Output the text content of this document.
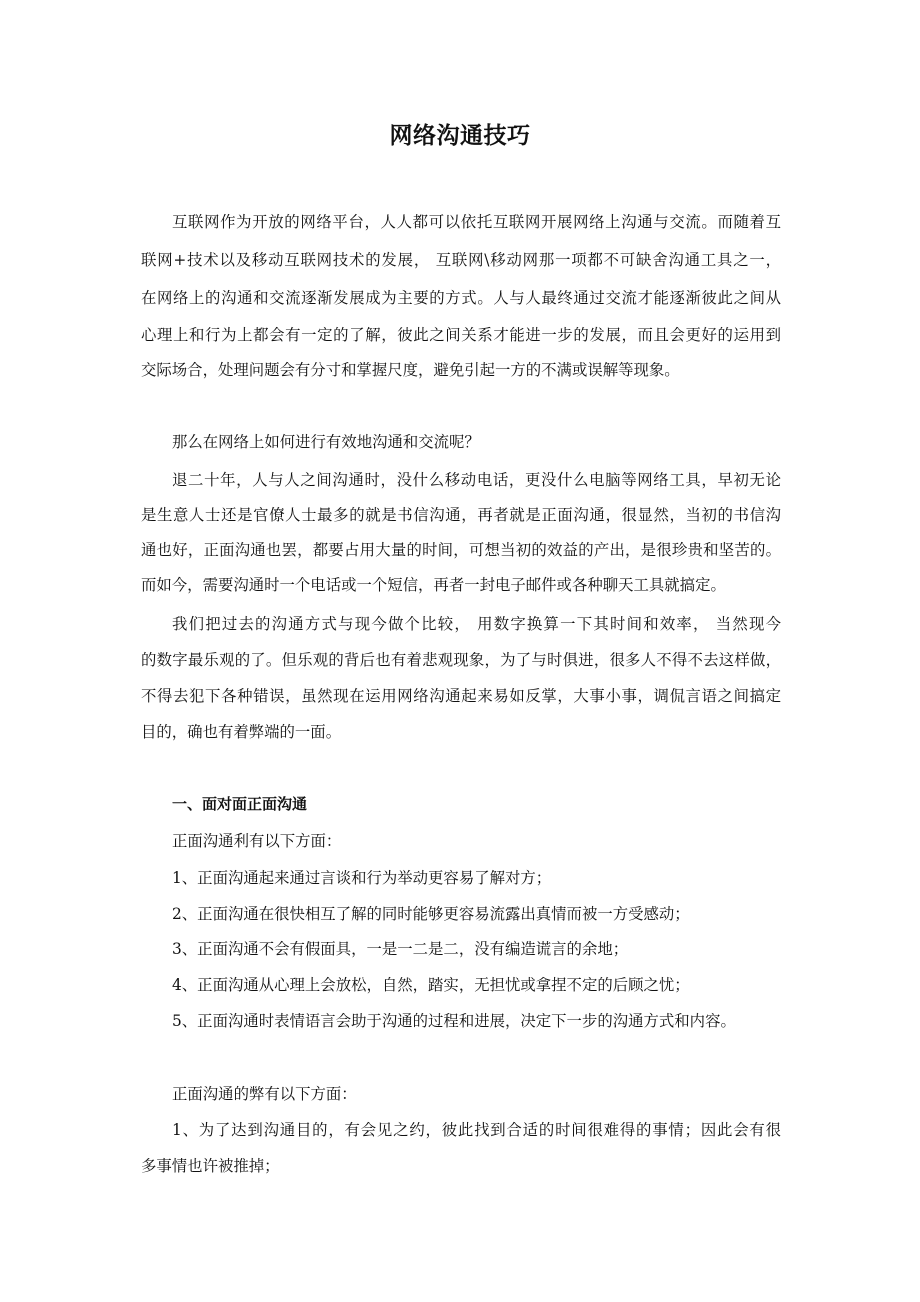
网络沟通技巧
互联网作为开放的网络平台，人人都可以依托互联网开展网络上沟通与交流。而随着互
联网+技术以及移动互联网技术的发展， 互联网\移动网那一项都不可缺舍沟通工具之一，
在网络上的沟通和交流逐渐发展成为主要的方式。人与人最终通过交流才能逐渐彼此之间从
心理上和行为上都会有一定的了解，彼此之间关系才能进一步的发展，而且会更好的运用到
交际场合，处理问题会有分寸和掌握尺度，避免引起一方的不满或误解等现象。
那么在网络上如何进行有效地沟通和交流呢？
退二十年，人与人之间沟通时，没什么移动电话，更没什么电脑等网络工具，早初无论
是生意人士还是官僚人士最多的就是书信沟通，再者就是正面沟通，很显然，当初的书信沟
通也好，正面沟通也罢，都要占用大量的时间，可想当初的效益的产出，是很珍贵和坚苦的。
而如今，需要沟通时一个电话或一个短信，再者一封电子邮件或各种聊天工具就搞定。
我们把过去的沟通方式与现今做个比较， 用数字换算一下其时间和效率， 当然现今
的数字最乐观的了。但乐观的背后也有着悲观现象，为了与时俱进，很多人不得不去这样做，
不得去犯下各种错误，虽然现在运用网络沟通起来易如反掌，大事小事，调侃言语之间搞定
目的，确也有着弊端的一面。
一、面对面正面沟通
正面沟通利有以下方面：
1、正面沟通起来通过言谈和行为举动更容易了解对方；
2、正面沟通在很快相互了解的同时能够更容易流露出真情而被一方受感动；
3、正面沟通不会有假面具，一是一二是二，没有编造谎言的余地；
4、正面沟通从心理上会放松，自然，踏实，无担忧或拿捏不定的后顾之忧；
5、正面沟通时表情语言会助于沟通的过程和进展，决定下一步的沟通方式和内容。
正面沟通的弊有以下方面：
1、为了达到沟通目的，有会见之约，彼此找到合适的时间很难得的事情；因此会有很
多事情也许被推掉；
